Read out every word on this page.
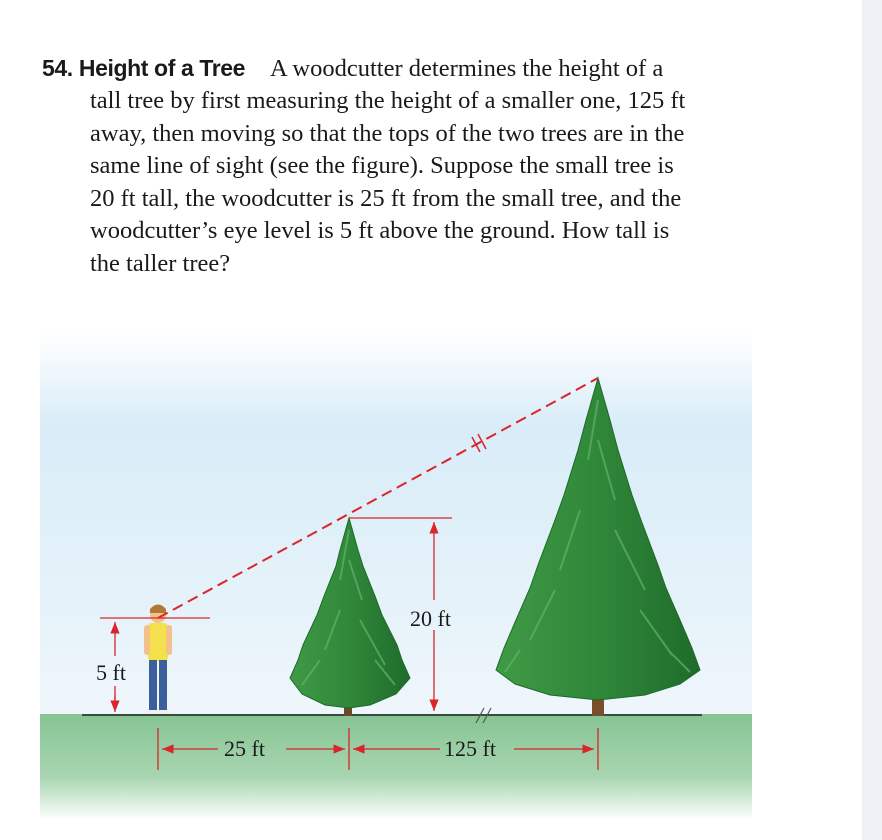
54. Height of a Tree A woodcutter determines the height of a
tall tree by first measuring the height of a smaller one, 125 ft
away, then moving so that the tops of the two trees are in the
same line of sight (see the figure). Suppose the small tree is
20 ft tall, the woodcutter is 25 ft from the small tree, and the
woodcutter’s eye level is 5 ft above the ground. How tall is
the taller tree?
5 ft
20 ft
25 ft	125 ft
